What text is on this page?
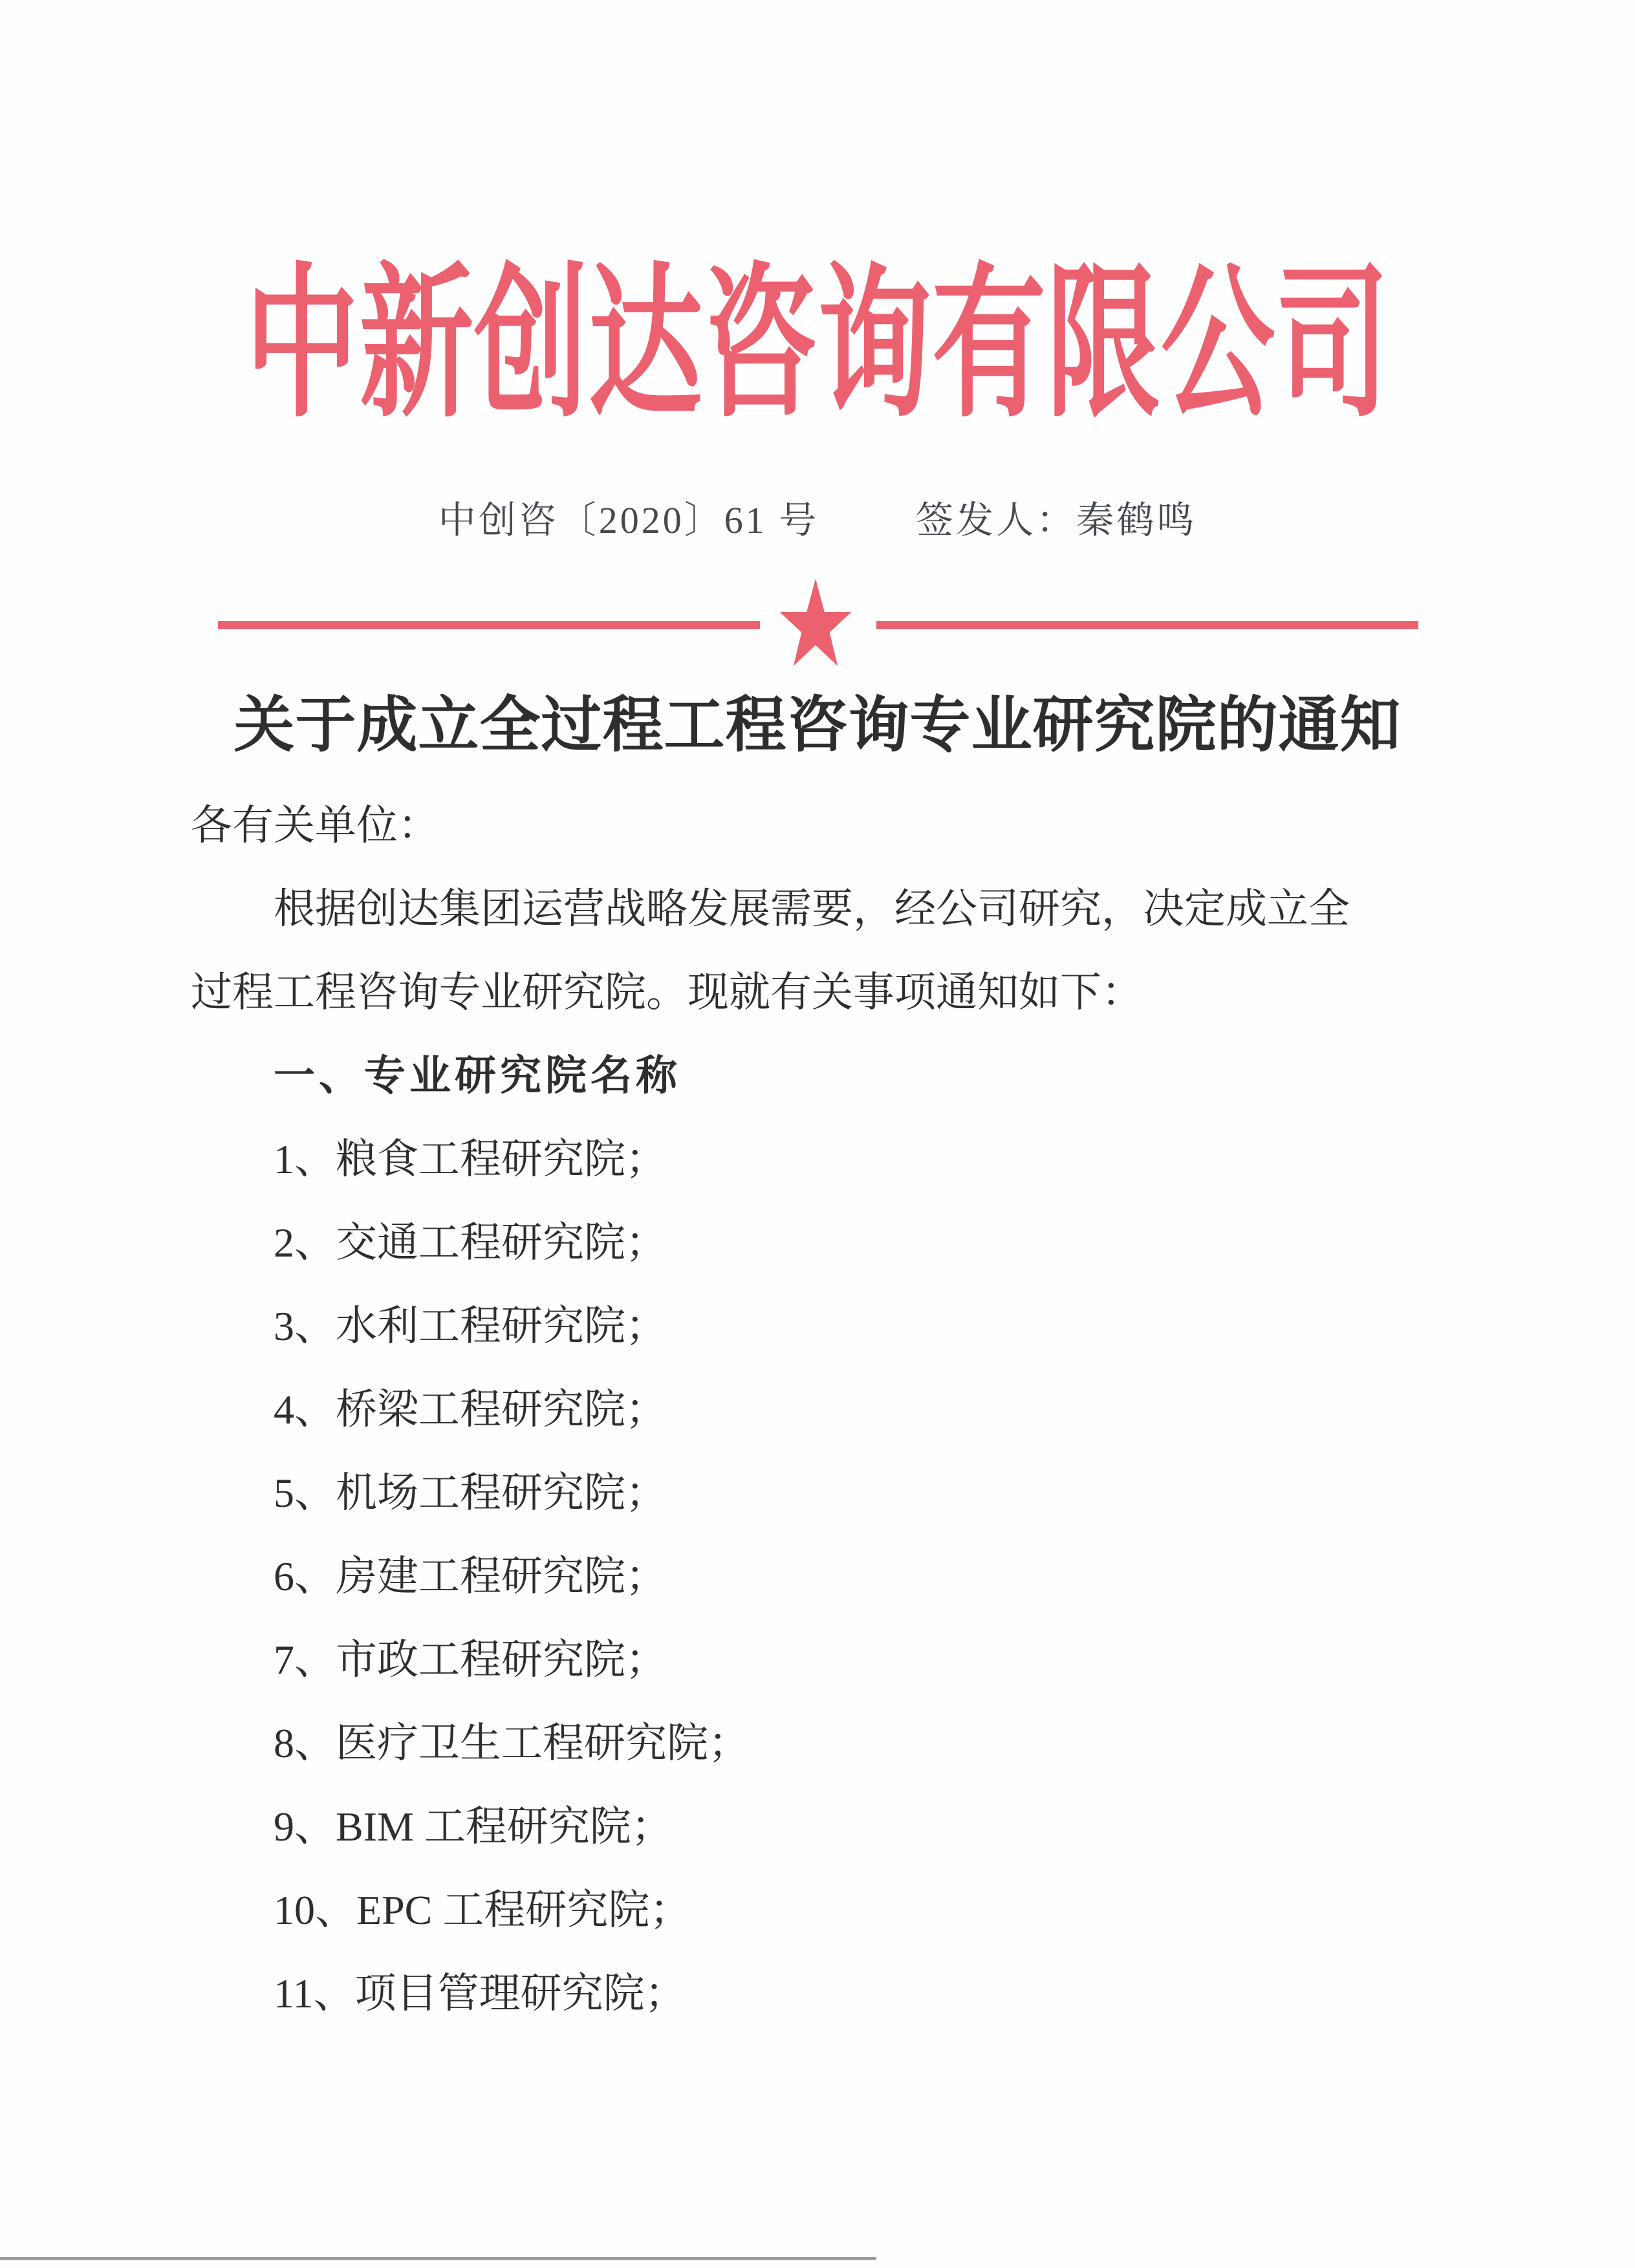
中新创达咨询有限公司
中创咨〔2020〕61 号	签发人：秦鹤鸣
关于成立全过程工程咨询专业研究院的通知

各有关单位：

根据创达集团运营战略发展需要，经公司研究，决定成立全

过程工程咨询专业研究院。现就有关事项通知如下：

一、专业研究院名称

1、粮食工程研究院；

2、交通工程研究院；

3、水利工程研究院；

4、桥梁工程研究院；

5、机场工程研究院；

6、房建工程研究院；

7、市政工程研究院；

8、医疗卫生工程研究院；

9、BIM 工程研究院；

10、EPC 工程研究院；

11、项目管理研究院；
